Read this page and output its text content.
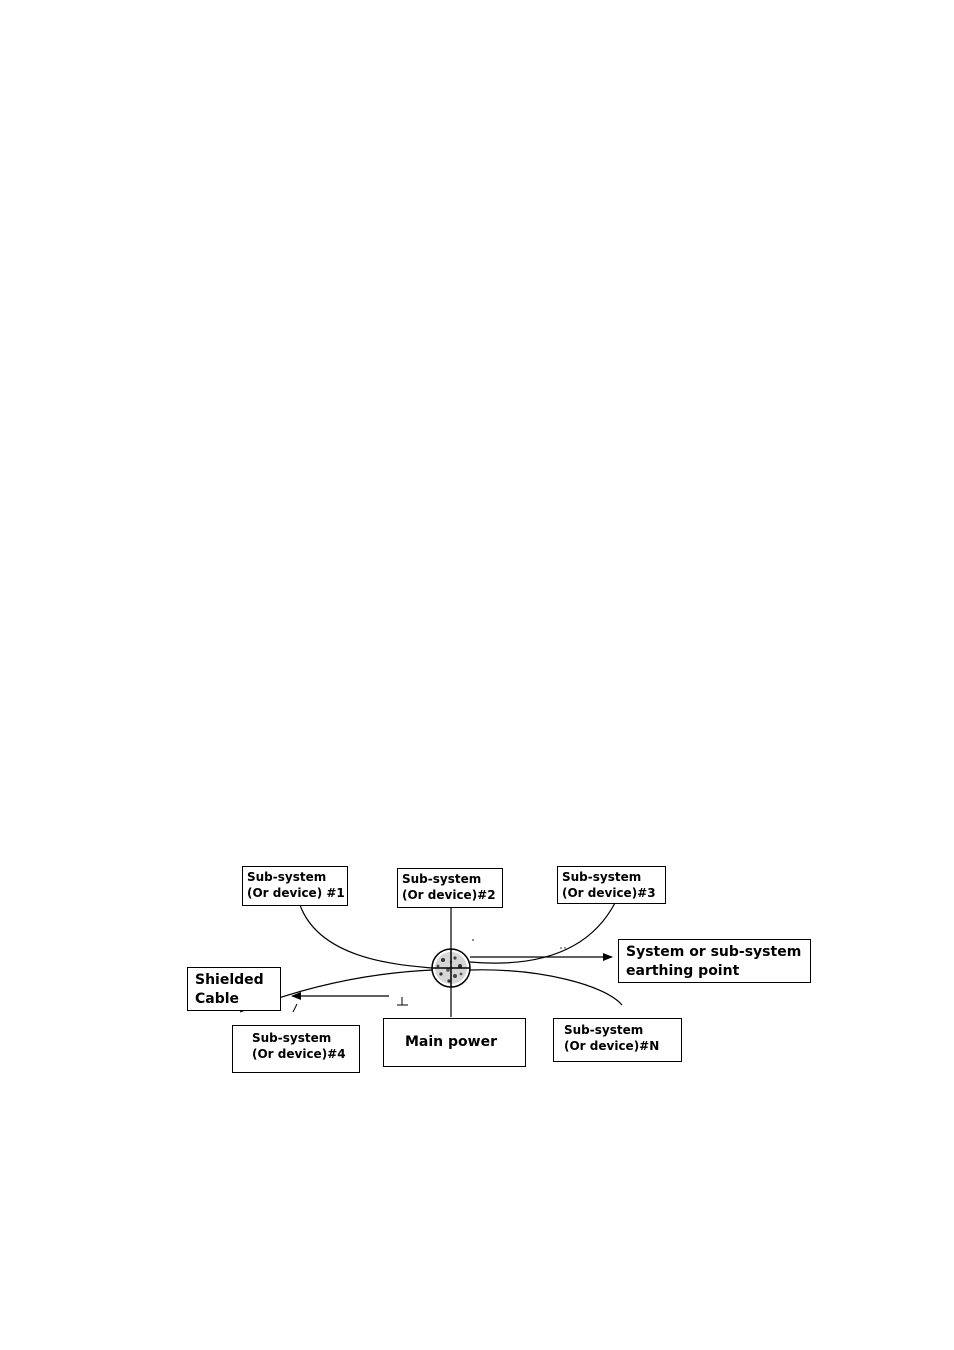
Sub-system
(Or device) #1
Sub-system
(Or device)#2
Sub-system
(Or device)#3
System or sub-system
earthing point
Shielded
Cable
Sub-system
(Or device)#4
Main power
Sub-system
(Or device)#N
